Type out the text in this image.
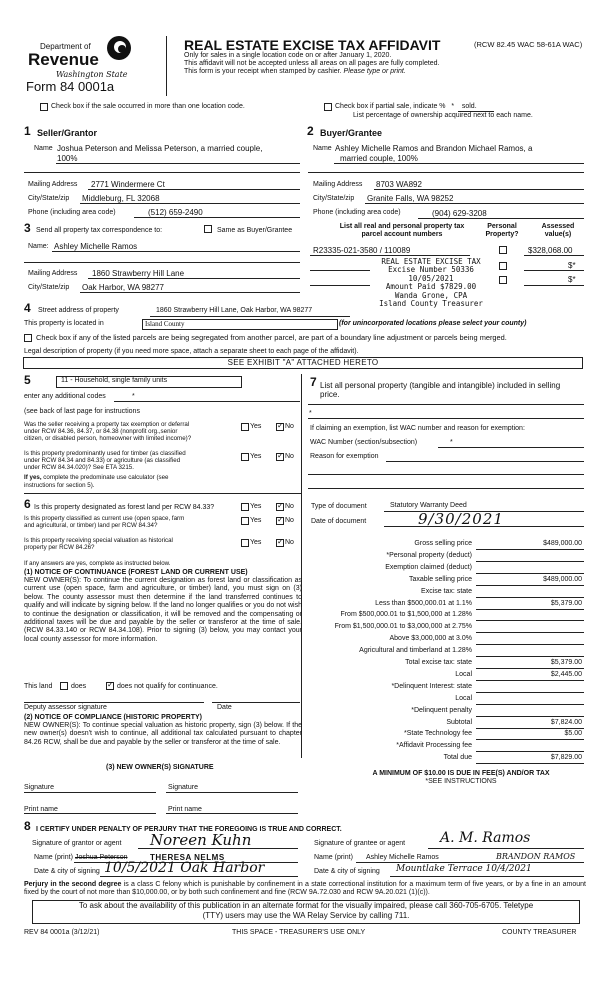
Department of
Revenue
Washington State
Form 84 0001a
REAL ESTATE EXCISE TAX AFFIDAVIT	(RCW 82.45 WAC 58-61A WAC)
Only for sales in a single location code on or after January 1, 2020.
This affidavit will not be accepted unless all areas on all pages are fully completed.
This form is your receipt when stamped by cashier. Please type or print.
Check box if the sale occurred in more than one location code.	Check box if partial sale, indicate % * sold.
List percentage of ownership acquired next to each name.
1 Seller/Grantor
Name Joshua Peterson and Melissa Peterson, a married couple,
100%
Mailing Address 2771 Windermere Ct
City/State/zip Middleburg, FL 32068
Phone (including area code)	(512) 659-2490
2 Buyer/Grantee
Name Ashley Michelle Ramos and Brandon Michael Ramos, a
married couple, 100%
Mailing Address 8703 WA892
City/State/zip Granite Falls, WA 98252
Phone (including area code)	(904) 629-3208
3 Send all property tax correspondence to:	Same as Buyer/Grantee
Name: Ashley Michelle Ramos
Mailing Address 1860 Strawberry Hill Lane
City/State/zip Oak Harbor, WA 98277
List all real and personal property tax
parcel account numbers
Personal
Property?
Assessed
value(s)
R23335-021-3580 / 110089	$328,068.00
$*
$*
REAL ESTATE EXCISE TAX
Excise Number 50336
10/05/2021
Amount Paid $7829.00
Wanda Grone, CPA
Island County Treasurer
4 Street address of property	1860 Strawberry Hill Lane, Oak Harbor, WA 98277
This property is located in	Island County	(for unincorporated locations please select your county)
Check box if any of the listed parcels are being segregated from another parcel, are part of a boundary line adjustment or parcels being merged.
Legal description of property (if you need more space, attach a separate sheet to each page of the affidavit).
SEE EXHIBIT "A" ATTACHED HERETO
5	11 - Household, single family units
enter any additional codes	*
(see back of last page for instructions
Was the seller receiving a property tax exemption or deferral
under RCW 84.36, 84.37, or 84.38 (nonprofit org.,senior
citizen, or disabled person, homeowner with limited income)?
Yes ✓	No
Is this property predominantly used for timber (as classified
under RCW 84.34 and 84.33) or agriculture (as classified
under RCW 84.34.020)? See ETA 3215.
Yes ✓	No
If yes, complete the predominate use calculator (see
instructions for section 5).
6 Is this property designated as forest land per RCW 84.33?	Yes ✓	No
Is this property classified as current use (open space, farm
and agricultural, or timber) land per RCW 84.34?
Yes ✓	No
Is this property receiving special valuation as historical
property per RCW 84.26?
Yes ✓	No
If any answers are yes, complete as instructed below.
(1) NOTICE OF CONTINUANCE (FOREST LAND OR CURRENT USE)
NEW OWNER(S): To continue the current designation as forest land or classification as current use (open space, farm and agriculture, or timber) land, you must sign on (3) below. The county assessor must then determine if the land transferred continues to qualify and will indicate by signing below. If the land no longer qualifies or you do not wish to continue the designation or classification, it will be removed and the compensating or additional taxes will be due and payable by the seller or transferor at the time of sale. (RCW 84.33.140 or RCW 84.34.108). Prior to signing (3) below, you may contact your local county assessor for more information.
This land	does ✓	does not qualify for continuance.
Deputy assessor signature	Date
(2) NOTICE OF COMPLIANCE (HISTORIC PROPERTY)
NEW OWNER(S): To continue special valuation as historic property, sign (3) below. If the new owner(s) doesn't wish to continue, all additional tax calculated pursuant to chapter 84.26 RCW, shall be due and payable by the seller or transferor at the time of sale.
(3) NEW OWNER(S) SIGNATURE
Signature	Signature
Print name	Print name
7 List all personal property (tangible and intangible) included in selling
price.
*
If claiming an exemption, list WAC number and reason for exemption:
WAC Number (section/subsection)	*
Reason for exemption
Type of document	Statutory Warranty Deed
Date of document	9/30/2021
Gross selling price	$489,000.00
*Personal property (deduct)
Exemption claimed (deduct)
Taxable selling price	$489,000.00
Excise tax: state
Less than $500,000.01 at 1.1%	$5,379.00
From $500,000.01 to $1,500,000 at 1.28%
From $1,500,000.01 to $3,000,000 at 2.75%
Above $3,000,000 at 3.0%
Agricultural and timberland at 1.28%
Total excise tax: state	$5,379.00
Local	$2,445.00
*Delinquent Interest: state
Local
*Delinquent penalty
Subtotal	$7,824.00
*State Technology fee	$5.00
*Affidavit Processing fee
Total due	$7,829.00
A MINIMUM OF $10.00 IS DUE IN FEE(S) AND/OR TAX
*SEE INSTRUCTIONS
8 I CERTIFY UNDER PENALTY OF PERJURY THAT THE FOREGOING IS TRUE AND CORRECT.
Signature of grantor or agent Noreen Kuhn
Name (print) Joshua Peterson	THERESA NELMS
Date & city of signing 10/5/2021 Oak Harbor
Signature of grantee or agent A. M. Ramos
Name (print) Ashley Michelle Ramos	BRANDON RAMOS
Date & city of signing Mountlake Terrace 10/4/2021
Perjury in the second degree is a class C felony which is punishable by confinement in a state correctional institution for a maximum term of five years, or by a fine in an amount fixed by the court of not more than $10,000.00, or by both such confinement and fine (RCW 9A.72.030 and RCW 9A.20.021 (1)(c)).
To ask about the availability of this publication in an alternate format for the visually impaired, please call 360-705-6705. Teletype
(TTY) users may use the WA Relay Service by calling 711.
REV 84 0001a (3/12/21)	THIS SPACE - TREASURER'S USE ONLY	COUNTY TREASURER
